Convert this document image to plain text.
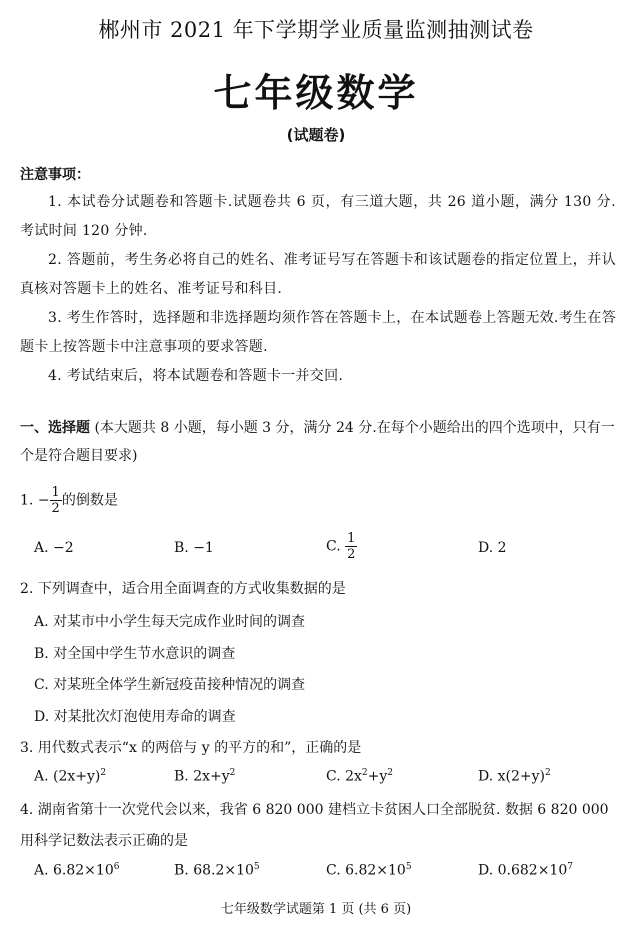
郴州市 2021 年下学期学业质量监测抽测试卷
七年级数学
(试题卷)
注意事项：

1. 本试卷分试题卷和答题卡.试题卷共 6 页，有三道大题，共 26 道小题，满分 130 分.考试时间 120 分钟.

2. 答题前，考生务必将自己的姓名、准考证号写在答题卡和该试题卷的指定位置上，并认真核对答题卡上的姓名、准考证号和科目.

3. 考生作答时，选择题和非选择题均须作答在答题卡上，在本试题卷上答题无效.考生在答题卡上按答题卡中注意事项的要求答题.

4. 考试结束后，将本试题卷和答题卡一并交回.

一、选择题 (本大题共 8 小题，每小题 3 分，满分 24 分.在每个小题给出的四个选项中，只有一个是符合题目要求)
1. − $\frac{1}{2}$ 的倒数是
A. −2	B. −1	C. $\frac{1}{2}$	D. 2
2. 下列调查中，适合用全面调查的方式收集数据的是
A. 对某市中小学生每天完成作业时间的调查
B. 对全国中学生节水意识的调查
C. 对某班全体学生新冠疫苗接种情况的调查
D. 对某批次灯泡使用寿命的调查
3. 用代数式表示“x 的两倍与 y 的平方的和”，正确的是
A. $(2x+y)^2$	B. $2x+y^2$	C. $2x^2+y^2$	D. $x(2+y)^2$
4. 湖南省第十一次党代会以来，我省 6 820 000 建档立卡贫困人口全部脱贫. 数据 6 820 000
用科学记数法表示正确的是
A. $6.82\times 10^6$	B. $68.2\times 10^5$	C. $6.82\times 10^5$	D. $0.682\times 10^7$
七年级数学试题第 1 页 (共 6 页)
